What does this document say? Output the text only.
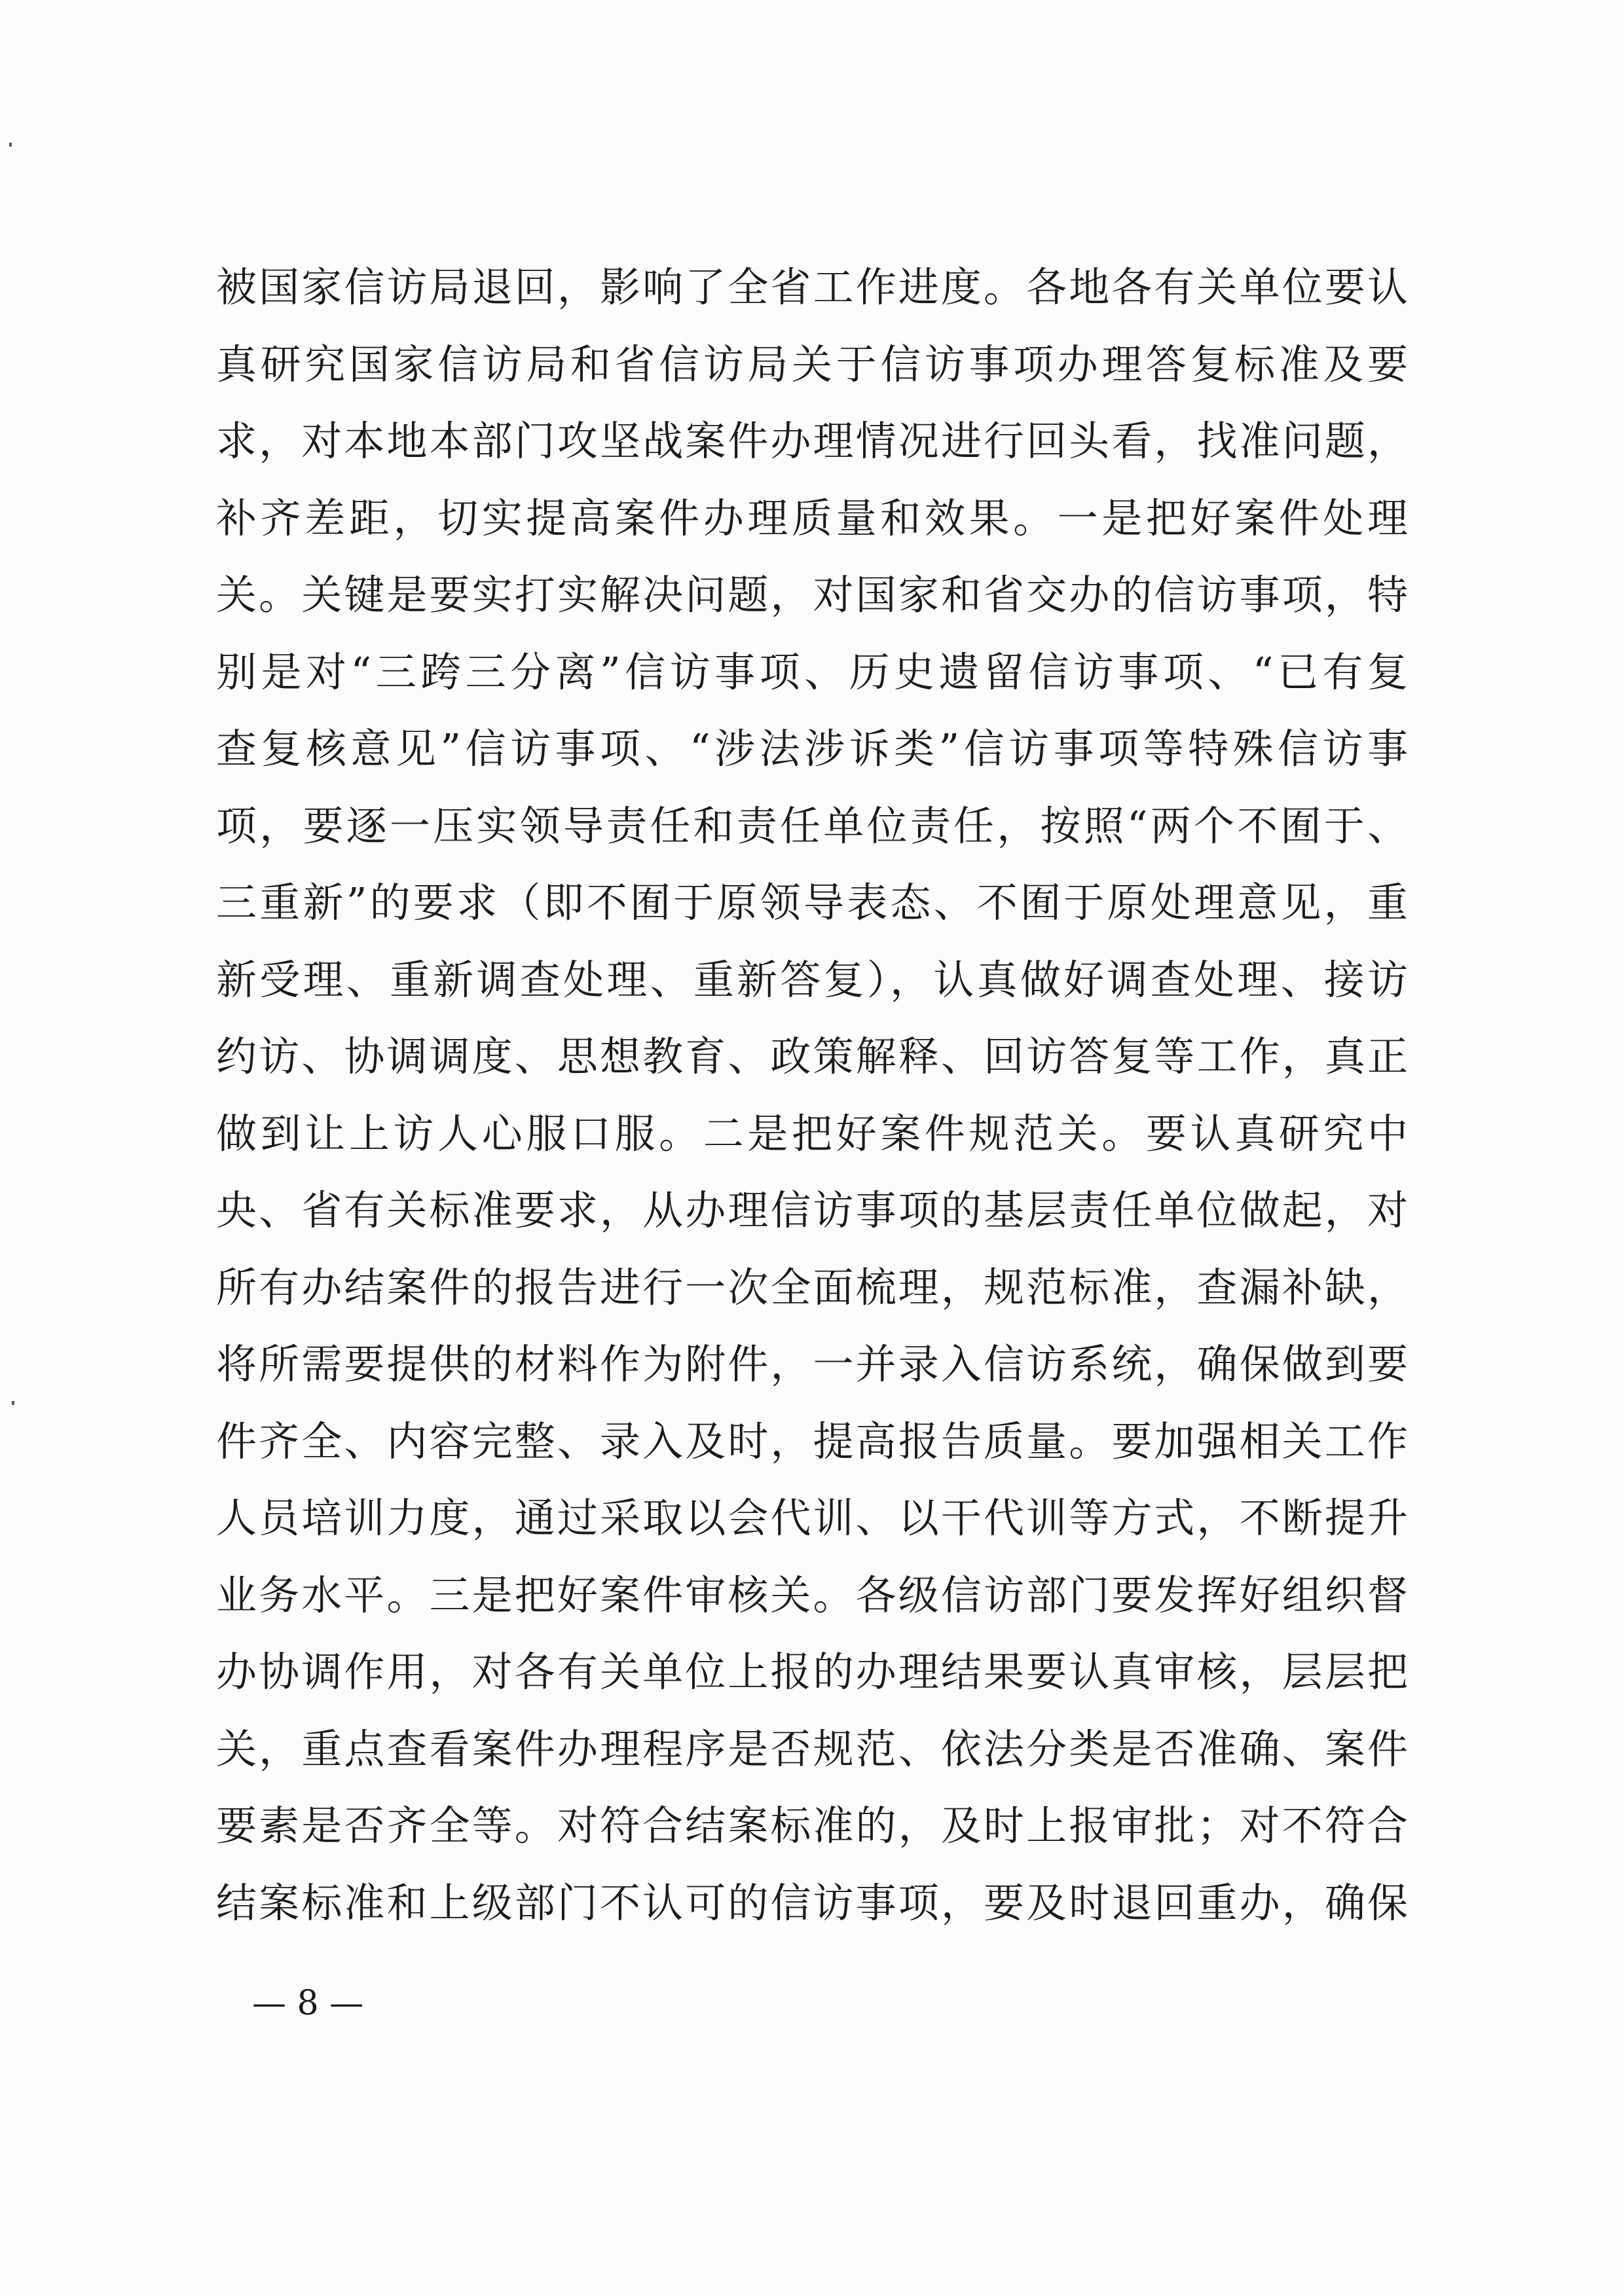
被国家信访局退回，影响了全省工作进度。各地各有关单位要认
真研究国家信访局和省信访局关于信访事项办理答复标准及要
求，对本地本部门攻坚战案件办理情况进行回头看，找准问题，
补齐差距，切实提高案件办理质量和效果。一是把好案件处理
关。关键是要实打实解决问题，对国家和省交办的信访事项，特
别是对“三跨三分离”信访事项、历史遗留信访事项、“已有复
查复核意见”信访事项、“涉法涉诉类”信访事项等特殊信访事
项，要逐一压实领导责任和责任单位责任，按照“两个不囿于、
三重新”的要求（即不囿于原领导表态、不囿于原处理意见，重
新受理、重新调查处理、重新答复），认真做好调查处理、接访
约访、协调调度、思想教育、政策解释、回访答复等工作，真正
做到让上访人心服口服。二是把好案件规范关。要认真研究中
央、省有关标准要求，从办理信访事项的基层责任单位做起，对
所有办结案件的报告进行一次全面梳理，规范标准，查漏补缺，
将所需要提供的材料作为附件，一并录入信访系统，确保做到要
件齐全、内容完整、录入及时，提高报告质量。要加强相关工作
人员培训力度，通过采取以会代训、以干代训等方式，不断提升
业务水平。三是把好案件审核关。各级信访部门要发挥好组织督
办协调作用，对各有关单位上报的办理结果要认真审核，层层把
关，重点查看案件办理程序是否规范、依法分类是否准确、案件
要素是否齐全等。对符合结案标准的，及时上报审批；对不符合
结案标准和上级部门不认可的信访事项，要及时退回重办，确保
— 8 —
